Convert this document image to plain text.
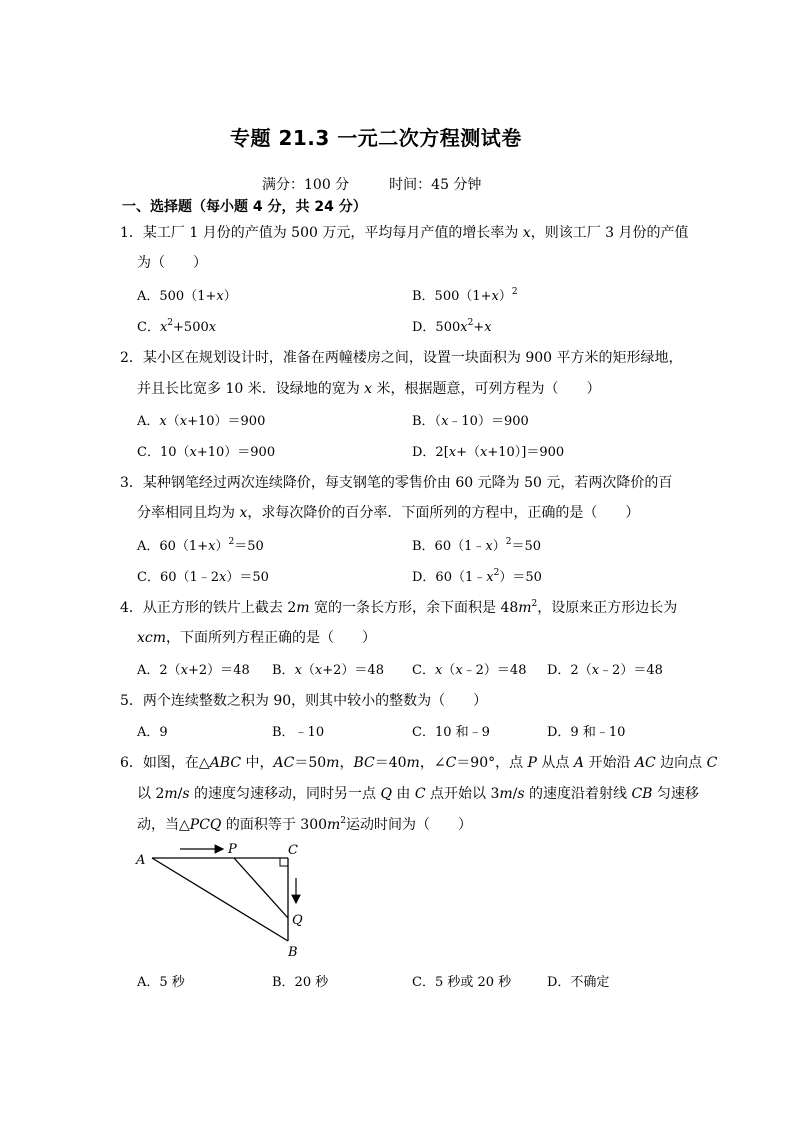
专题 21.3 一元二次方程测试卷
满分：100 分	时间：45 分钟
一、选择题（每小题 4 分，共 24 分）
1．某工厂 1 月份的产值为 500 万元，平均每月产值的增长率为 x，则该工厂 3 月份的产值
为（　　）
A．500（1+x）	B．$500(1+x)^2$
C．$x^2+500x$	D．$500x^2+x$
2．某小区在规划设计时，准备在两幢楼房之间，设置一块面积为 900 平方米的矩形绿地，
并且长比宽多 10 米．设绿地的宽为 x 米，根据题意，可列方程为（　　）
A．x（x+10）＝900	B．（x﹣10）＝900
C．10（x+10）＝900	D．2[x+（x+10）]＝900
3．某种钢笔经过两次连续降价，每支钢笔的零售价由 60 元降为 50 元，若两次降价的百
分率相同且均为 x，求每次降价的百分率．下面所列的方程中，正确的是（　　）
A．$60(1+x)^2=50$	B．60（1﹣x）$^2$＝50
C．60（1﹣2x）＝50	D．$60(1﹣x^2)=50$
4．从正方形的铁片上截去 2m 宽的一条长方形，余下面积是 $48m^2$，设原来正方形边长为
xcm，下面所列方程正确的是（　　）
A．2（x+2）＝48 B．x（x+2）＝48 C．x（x﹣2）＝48 D．2（x﹣2）＝48
5．两个连续整数之积为 90，则其中较小的整数为（　　）
A．9	B．﹣10	C．10 和﹣9	D．9 和﹣10
6．如图，在△ABC 中，AC＝50m，BC＝40m，∠C＝90°，点 P 从点 A 开始沿 AC 边向点 C
以 2m/s 的速度匀速移动，同时另一点 Q 由 C 点开始以 3m/s 的速度沿着射线 CB 匀速移
动，当△PCQ 的面积等于 $300m^2$运动时间为（　　）
A
P	C
Q
B
A．5 秒	B．20 秒	C．5 秒或 20 秒	D．不确定
